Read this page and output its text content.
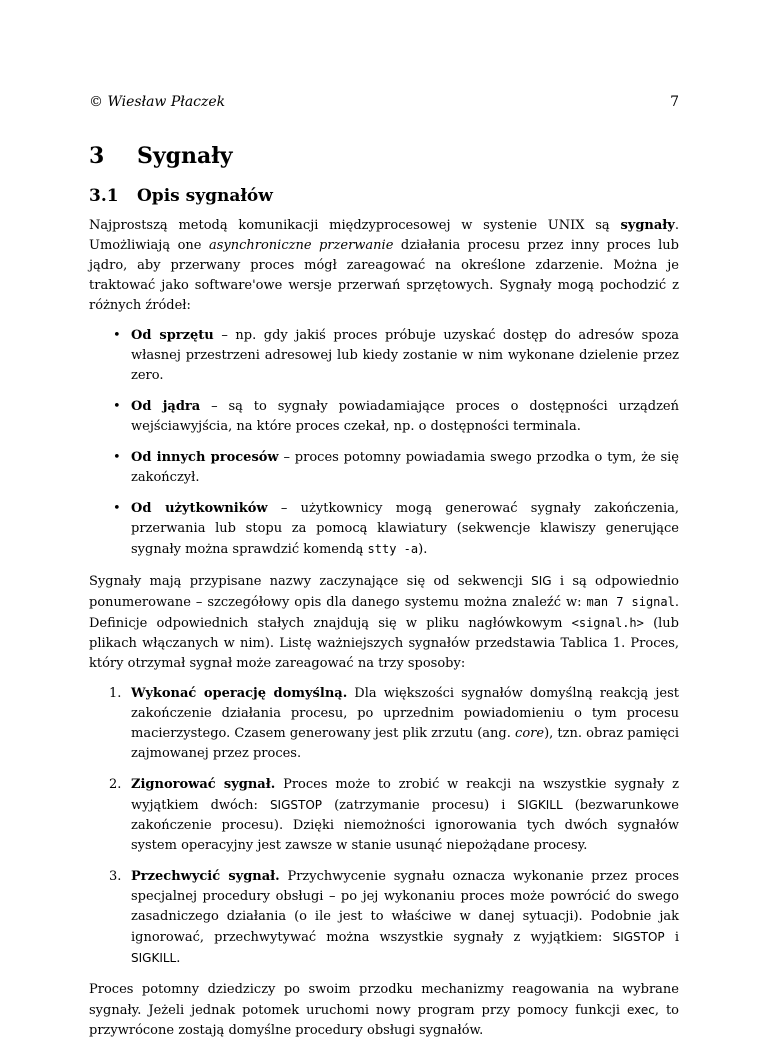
© Wiesław Płaczek	7
3	Sygnały
3.1	Opis sygnałów

Najprostszą metodą komunikacji międzyprocesowej w systenie UNIX są sygnały. Umożliwiają one asynchroniczne przerwanie działania procesu przez inny proces lub jądro, aby przerwany proces mógł zareagować na określone zdarzenie. Można je traktować jako software'owe wersje przerwań sprzętowych. Sygnały mogą pochodzić z różnych źródeł:

• Od sprzętu – np. gdy jakiś proces próbuje uzyskać dostęp do adresów spoza własnej przestrzeni adresowej lub kiedy zostanie w nim wykonane dzielenie przez zero.
• Od jądra – są to sygnały powiadamiające proces o dostępności urządzeń wejściawyjścia, na które proces czekał, np. o dostępności terminala.
• Od innych procesów – proces potomny powiadamia swego przodka o tym, że się zakończył.
• Od użytkowników – użytkownicy mogą generować sygnały zakończenia, przerwania lub stopu za pomocą klawiatury (sekwencje klawiszy generujące sygnały można sprawdzić komendą stty -a).

Sygnały mają przypisane nazwy zaczynające się od sekwencji SIG i są odpowiednio ponumerowane – szczegółowy opis dla danego systemu można znaleźć w: man 7 signal. Definicje odpowiednich stałych znajdują się w pliku nagłówkowym <signal.h> (lub plikach włączanych w nim). Listę ważniejszych sygnałów przedstawia Tablica 1. Proces, który otrzymał sygnał może zareagować na trzy sposoby:

1. Wykonać operację domyślną. Dla większości sygnałów domyślną reakcją jest zakończenie działania procesu, po uprzednim powiadomieniu o tym procesu macierzystego. Czasem generowany jest plik zrzutu (ang. core), tzn. obraz pamięci zajmowanej przez proces.
2. Zignorować sygnał. Proces może to zrobić w reakcji na wszystkie sygnały z wyjątkiem dwóch: SIGSTOP (zatrzymanie procesu) i SIGKILL (bezwarunkowe zakończenie procesu). Dzięki niemożności ignorowania tych dwóch sygnałów system operacyjny jest zawsze w stanie usunąć niepożądane procesy.
3. Przechwycić sygnał. Przychwycenie sygnału oznacza wykonanie przez proces specjalnej procedury obsługi – po jej wykonaniu proces może powrócić do swego zasadniczego działania (o ile jest to właściwe w danej sytuacji). Podobnie jak ignorować, przechwytywać można wszystkie sygnały z wyjątkiem: SIGSTOP i SIGKILL.

Proces potomny dziedziczy po swoim przodku mechanizmy reagowania na wybrane sygnały. Jeżeli jednak potomek uruchomi nowy program przy pomocy funkcji exec, to przywrócone zostają domyślne procedury obsługi sygnałów.
